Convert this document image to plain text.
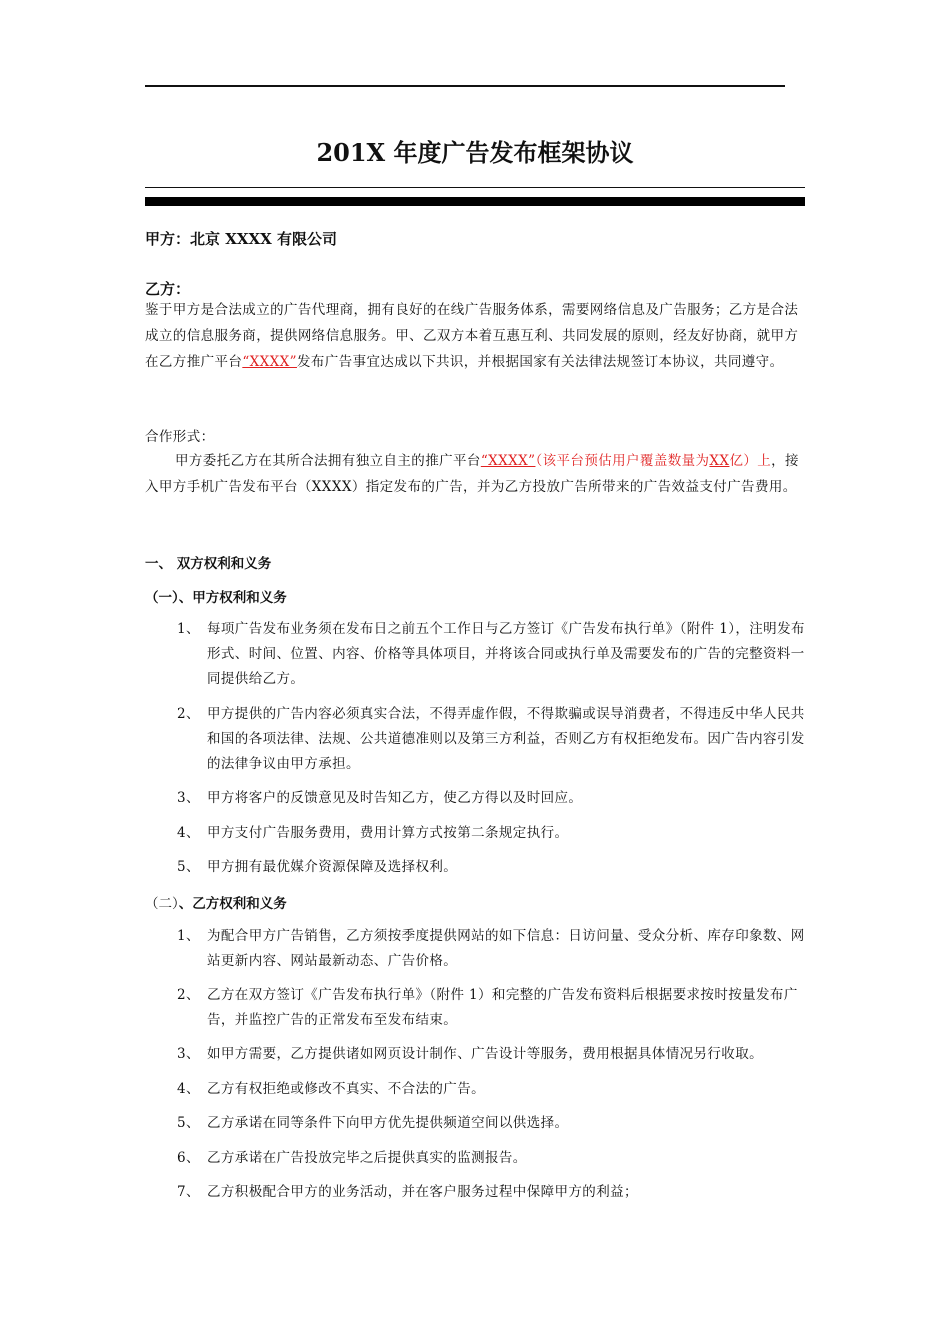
201X 年度广告发布框架协议
甲方：北京 XXXX 有限公司
乙方：
鉴于甲方是合法成立的广告代理商，拥有良好的在线广告服务体系，需要网络信息及广告服务；乙方是合法成立的信息服务商，提供网络信息服务。甲、乙双方本着互惠互利、共同发展的原则，经友好协商，就甲方在乙方推广平台“XXXX”发布广告事宜达成以下共识，并根据国家有关法律法规签订本协议，共同遵守。
合作形式：
甲方委托乙方在其所合法拥有独立自主的推广平台“XXXX”（该平台预估用户覆盖数量为XX亿）上，接入甲方手机广告发布平台（XXXX）指定发布的广告，并为乙方投放广告所带来的广告效益支付广告费用。
一、 双方权利和义务
（一）、甲方权利和义务
1、 每项广告发布业务须在发布日之前五个工作日与乙方签订《广告发布执行单》（附件 1），注明发布形式、时间、位置、内容、价格等具体项目，并将该合同或执行单及需要发布的广告的完整资料一同提供给乙方。
2、 甲方提供的广告内容必须真实合法，不得弄虚作假，不得欺骗或误导消费者，不得违反中华人民共和国的各项法律、法规、公共道德准则以及第三方利益，否则乙方有权拒绝发布。因广告内容引发的法律争议由甲方承担。
3、 甲方将客户的反馈意见及时告知乙方，使乙方得以及时回应。
4、 甲方支付广告服务费用，费用计算方式按第二条规定执行。
5、 甲方拥有最优媒介资源保障及选择权利。
（二）、乙方权利和义务
1、 为配合甲方广告销售，乙方须按季度提供网站的如下信息：日访问量、受众分析、库存印象数、网站更新内容、网站最新动态、广告价格。
2、 乙方在双方签订《广告发布执行单》（附件 1）和完整的广告发布资料后根据要求按时按量发布广告，并监控广告的正常发布至发布结束。
3、 如甲方需要，乙方提供诸如网页设计制作、广告设计等服务，费用根据具体情况另行收取。
4、 乙方有权拒绝或修改不真实、不合法的广告。
5、 乙方承诺在同等条件下向甲方优先提供频道空间以供选择。
6、 乙方承诺在广告投放完毕之后提供真实的监测报告。
7、 乙方积极配合甲方的业务活动，并在客户服务过程中保障甲方的利益；
